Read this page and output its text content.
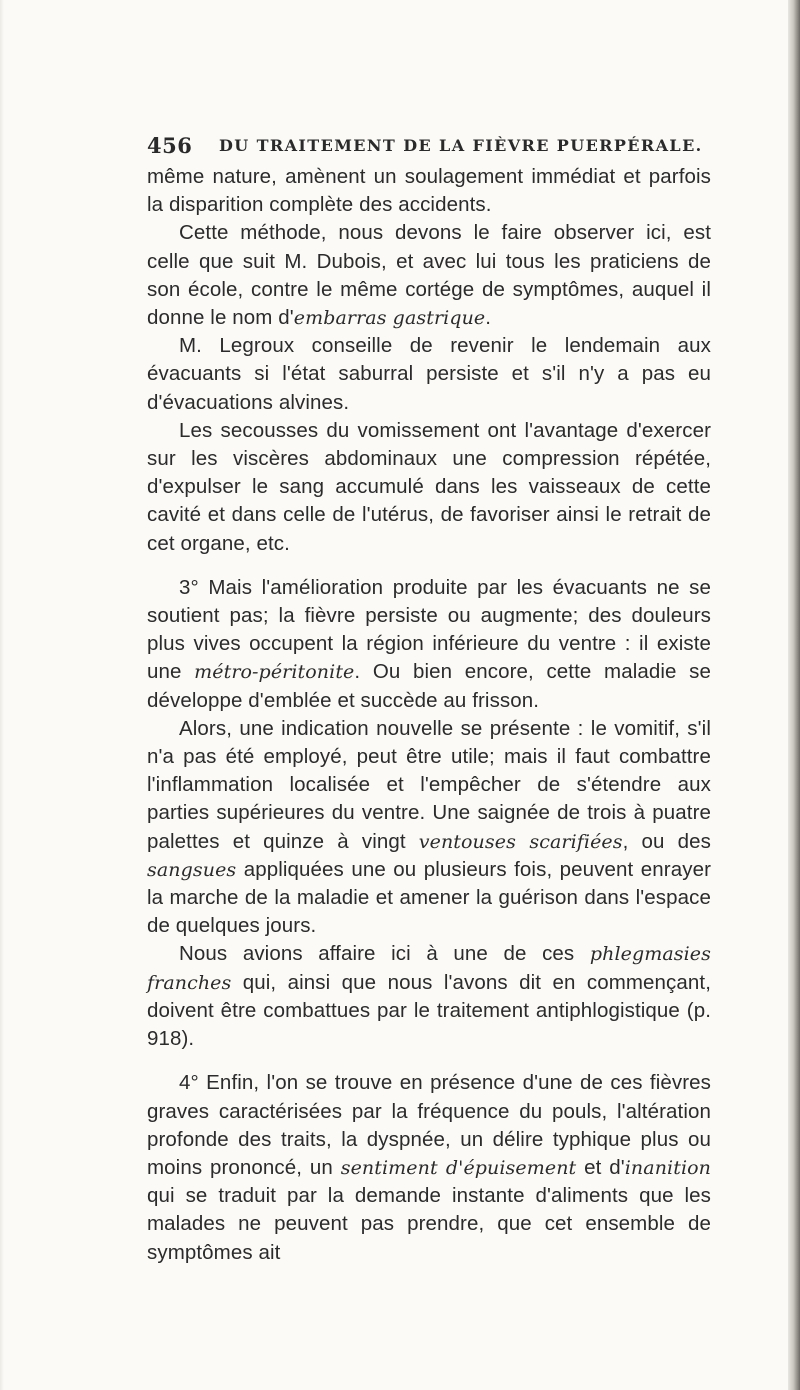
456 DU TRAITEMENT DE LA FIÈVRE PUERPÉRALE.

même nature, amènent un soulagement immédiat et parfois la disparition complète des accidents.

Cette méthode, nous devons le faire observer ici, est celle que suit M. Dubois, et avec lui tous les praticiens de son école, contre le même cortége de symptômes, auquel il donne le nom d'embarras gastrique.

M. Legroux conseille de revenir le lendemain aux évacuants si l'état saburral persiste et s'il n'y a pas eu d'évacuations alvines.

Les secousses du vomissement ont l'avantage d'exercer sur les viscères abdominaux une compression répétée, d'expulser le sang accumulé dans les vaisseaux de cette cavité et dans celle de l'utérus, de favoriser ainsi le retrait de cet organe, etc.

3° Mais l'amélioration produite par les évacuants ne se soutient pas; la fièvre persiste ou augmente; des douleurs plus vives occupent la région inférieure du ventre : il existe une métro-péritonite. Ou bien encore, cette maladie se développe d'emblée et succède au frisson.

Alors, une indication nouvelle se présente : le vomitif, s'il n'a pas été employé, peut être utile; mais il faut combattre l'inflammation localisée et l'empêcher de s'étendre aux parties supérieures du ventre. Une saignée de trois à puatre palettes et quinze à vingt ventouses scarifiées, ou des sangsues appliquées une ou plusieurs fois, peuvent enrayer la marche de la maladie et amener la guérison dans l'espace de quelques jours.

Nous avions affaire ici à une de ces phlegmasies franches qui, ainsi que nous l'avons dit en commençant, doivent être combattues par le traitement antiphlogistique (p. 918).

4° Enfin, l'on se trouve en présence d'une de ces fièvres graves caractérisées par la fréquence du pouls, l'altération profonde des traits, la dyspnée, un délire typhique plus ou moins prononcé, un sentiment d'épuisement et d'inanition qui se traduit par la demande instante d'aliments que les malades ne peuvent pas prendre, que cet ensemble de symptômes ait
